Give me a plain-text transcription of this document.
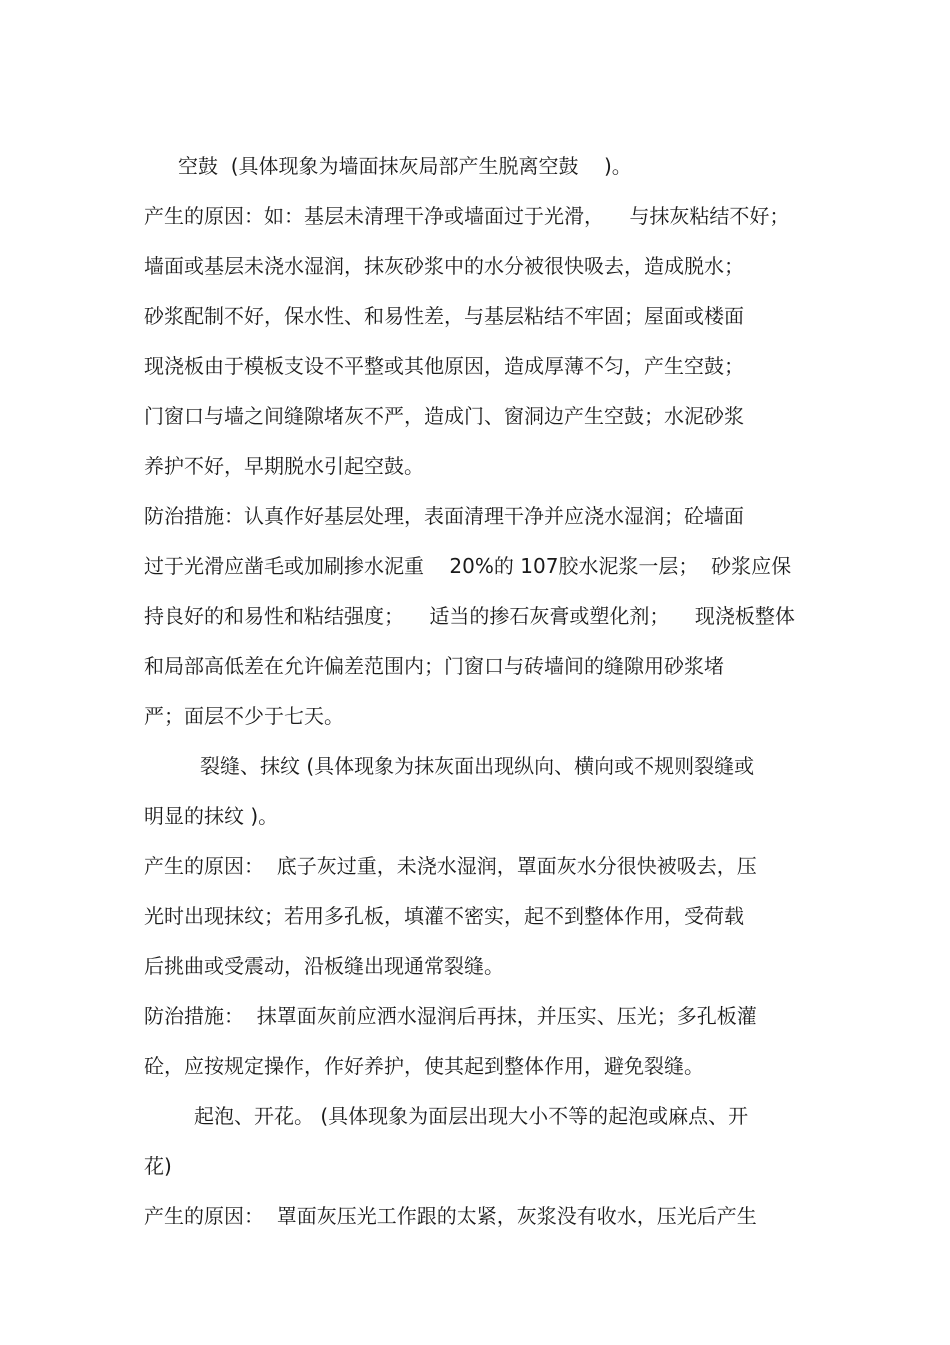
空鼓  (具体现象为墙面抹灰局部产生脱离空鼓    )。
产生的原因：如：基层未清理干净或墙面过于光滑，    与抹灰粘结不好；
墙面或基层未浇水湿润，抹灰砂浆中的水分被很快吸去，造成脱水；
砂浆配制不好，保水性、和易性差，与基层粘结不牢固；屋面或楼面
现浇板由于模板支设不平整或其他原因，造成厚薄不匀，产生空鼓；
门窗口与墙之间缝隙堵灰不严，造成门、窗洞边产生空鼓；水泥砂浆
养护不好，早期脱水引起空鼓。
防治措施：认真作好基层处理，表面清理干净并应浇水湿润；砼墙面
过于光滑应凿毛或加刷掺水泥重    20%的 107胶水泥浆一层；  砂浆应保
持良好的和易性和粘结强度；    适当的掺石灰膏或塑化剂；    现浇板整体
和局部高低差在允许偏差范围内；门窗口与砖墙间的缝隙用砂浆堵
严；面层不少于七天。
裂缝、抹纹 (具体现象为抹灰面出现纵向、横向或不规则裂缝或
明显的抹纹 )。
产生的原因：  底子灰过重，未浇水湿润，罩面灰水分很快被吸去，压
光时出现抹纹；若用多孔板，填灌不密实，起不到整体作用，受荷载
后挑曲或受震动，沿板缝出现通常裂缝。
防治措施：  抹罩面灰前应洒水湿润后再抹，并压实、压光；多孔板灌
砼，应按规定操作，作好养护，使其起到整体作用，避免裂缝。
起泡、开花。 (具体现象为面层出现大小不等的起泡或麻点、开
花)
产生的原因：  罩面灰压光工作跟的太紧，灰浆没有收水，压光后产生
